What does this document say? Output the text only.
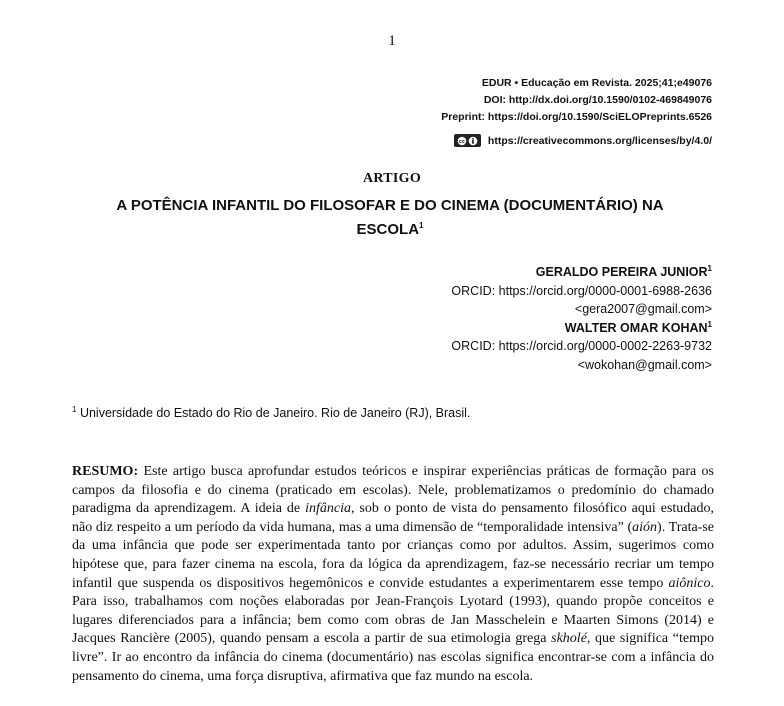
1
EDUR • Educação em Revista. 2025;41;e49076
DOI: http://dx.doi.org/10.1590/0102-469849076
Preprint: https://doi.org/10.1590/SciELOPreprints.6526
cc https://creativecommons.org/licenses/by/4.0/
ARTIGO
A POTÊNCIA INFANTIL DO FILOSOFAR E DO CINEMA (DOCUMENTÁRIO) NA ESCOLA$^1$
GERALDO PEREIRA JUNIOR$^1$
ORCID: https://orcid.org/0000-0001-6988-2636
<gera2007@gmail.com>
WALTER OMAR KOHAN$^1$
ORCID: https://orcid.org/0000-0002-2263-9732
<wokohan@gmail.com>
$^1$ Universidade do Estado do Rio de Janeiro. Rio de Janeiro (RJ), Brasil.

RESUMO: Este artigo busca aprofundar estudos teóricos e inspirar experiências práticas de formação para os campos da filosofia e do cinema (praticado em escolas). Nele, problematizamos o predomínio do chamado paradigma da aprendizagem. A ideia de infância, sob o ponto de vista do pensamento filosófico aqui estudado, não diz respeito a um período da vida humana, mas a uma dimensão de “temporalidade intensiva” (aión). Trata-se da uma infância que pode ser experimentada tanto por crianças como por adultos. Assim, sugerimos como hipótese que, para fazer cinema na escola, fora da lógica da aprendizagem, faz-se necessário recriar um tempo infantil que suspenda os dispositivos hegemônicos e convide estudantes a experimentarem esse tempo aiônico. Para isso, trabalhamos com noções elaboradas por Jean-François Lyotard (1993), quando propõe conceitos e lugares diferenciados para a infância; bem como com obras de Jan Masschelein e Maarten Simons (2014) e Jacques Rancière (2005), quando pensam a escola a partir de sua etimologia grega skholé, que significa “tempo livre”. Ir ao encontro da infância do cinema (documentário) nas escolas significa encontrar-se com a infância do pensamento do cinema, uma força disruptiva, afirmativa que faz mundo na escola.
